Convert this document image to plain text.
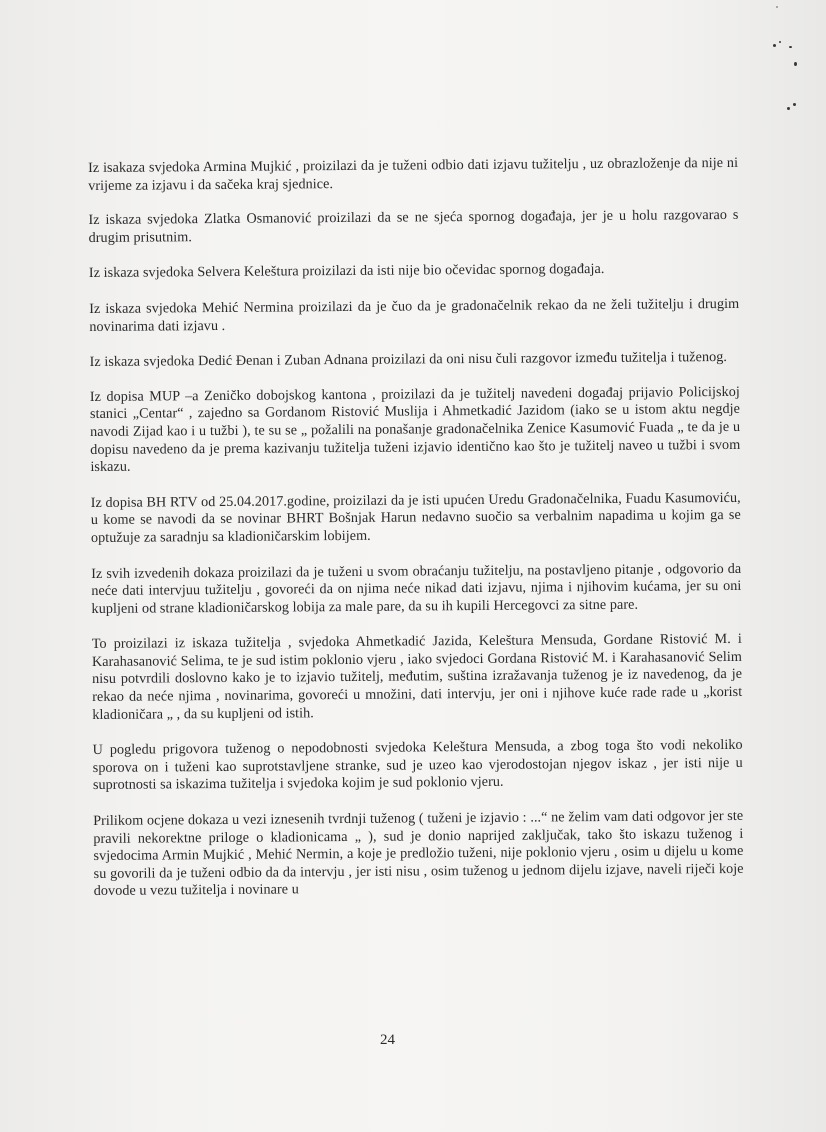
Iz isakaza svjedoka Armina Mujkić , proizilazi da je tuženi odbio dati izjavu tužitelju , uz obrazloženje da nije ni vrijeme za izjavu i da sačeka kraj sjednice.

Iz iskaza svjedoka Zlatka Osmanović proizilazi da se ne sjeća spornog događaja, jer je u holu razgovarao s drugim prisutnim.

Iz iskaza svjedoka Selvera Keleštura proizilazi da isti nije bio očevidac spornog događaja.

Iz iskaza svjedoka Mehić Nermina proizilazi da je čuo da je gradonačelnik rekao da ne želi tužitelju i drugim novinarima dati izjavu .

Iz iskaza svjedoka Dedić Đenan i Zuban Adnana proizilazi da oni nisu čuli razgovor između tužitelja i tuženog.

Iz dopisa MUP –a Zeničko dobojskog kantona , proizilazi da je tužitelj navedeni događaj prijavio Policijskoj stanici „Centar“ , zajedno sa Gordanom Ristović Muslija i Ahmetkadić Jazidom (iako se u istom aktu negdje navodi Zijad kao i u tužbi ), te su se „ požalili na ponašanje gradonačelnika Zenice Kasumović Fuada „ te da je u dopisu navedeno da je prema kazivanju tužitelja tuženi izjavio identično kao što je tužitelj naveo u tužbi i svom iskazu.

Iz dopisa BH RTV od 25.04.2017.godine, proizilazi da je isti upućen Uredu Gradonačelnika, Fuadu Kasumoviću, u kome se navodi da se novinar BHRT Bošnjak Harun nedavno suočio sa verbalnim napadima u kojim ga se optužuje za saradnju sa kladioničarskim lobijem.

Iz svih izvedenih dokaza proizilazi da je tuženi u svom obraćanju tužitelju, na postavljeno pitanje , odgovorio da neće dati intervjuu tužitelju , govoreći da on njima neće nikad dati izjavu, njima i njihovim kućama, jer su oni kupljeni od strane kladioničarskog lobija za male pare, da su ih kupili Hercegovci za sitne pare.

To proizilazi iz iskaza tužitelja , svjedoka Ahmetkadić Jazida, Keleštura Mensuda, Gordane Ristović M. i Karahasanović Selima, te je sud istim poklonio vjeru , iako svjedoci Gordana Ristović M. i Karahasanović Selim nisu potvrdili doslovno kako je to izjavio tužitelj, međutim, suština izražavanja tuženog je iz navedenog, da je rekao da neće njima , novinarima, govoreći u množini, dati intervju, jer oni i njihove kuće rade rade u „korist kladioničara „ , da su kupljeni od istih.

U pogledu prigovora tuženog o nepodobnosti svjedoka Keleštura Mensuda, a zbog toga što vodi nekoliko sporova on i tuženi kao suprotstavljene stranke, sud je uzeo kao vjerodostojan njegov iskaz , jer isti nije u suprotnosti sa iskazima tužitelja i svjedoka kojim je sud poklonio vjeru.

Prilikom ocjene dokaza u vezi iznesenih tvrdnji tuženog ( tuženi je izjavio : ...“ ne želim vam dati odgovor jer ste pravili nekorektne priloge o kladionicama „ ), sud je donio naprijed zaključak, tako što iskazu tuženog i svjedocima Armin Mujkić , Mehić Nermin, a koje je predložio tuženi, nije poklonio vjeru , osim u dijelu u kome su govorili da je tuženi odbio da da intervju , jer isti nisu , osim tuženog u jednom dijelu izjave, naveli riječi koje dovode u vezu tužitelja i novinare u

24
